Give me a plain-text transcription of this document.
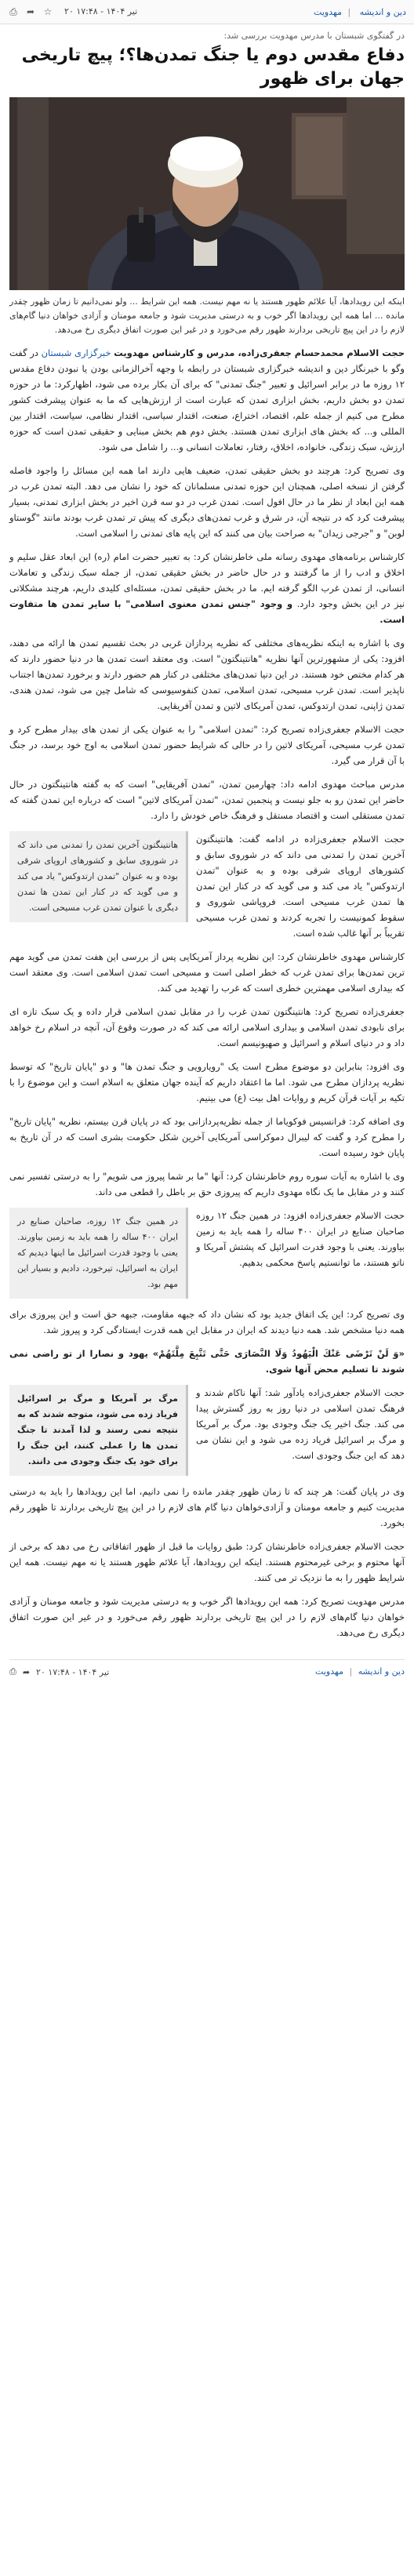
دین و اندیشه | مهدویت
⎙ ➦ ☆ ۲۰ تیر ۱۴۰۴ - ۱۷:۴۸
در گفتگوی شبستان با مدرس مهدویت بررسی شد:
دفاع مقدس دوم یا جنگ تمدن‌ها؟؛ پیچ تاریخی جهان برای ظهور
اینکه این رویدادها، آیا علائم ظهور هستند یا نه مهم نیست. همه این شرایط ... ولو نمی‌دانیم تا زمان ظهور چقدر مانده ... اما همه این رویدادها اگر خوب و به درستی مدیریت شود و جامعه مومنان و آزادی خواهان دنیا گام‌های لازم را در این پیچ تاریخی بردارند ظهور رقم می‌خورد و در غیر این صورت اتفاق دیگری رخ می‌دهد.

حجت الاسلام محمدحسام جعفری‌زاده، مدرس و کارشناس مهدویت خبرگزاری شبستان در گفت وگو با خبرنگار دین و اندیشه خبرگزاری شبستان در رابطه با وجهه آخرالزمانی بودن یا نبودن دفاع مقدس ۱۲ روزه ما در برابر اسرائیل و تعبیر "جنگ تمدنی" که برای آن بکار برده می شود، اظهارکرد: ما در حوزه تمدن دو بخش داریم، بخش ابزاری تمدن که عبارت است از ارزش‌هایی که ما به عنوان پیشرفت کشور مطرح می کنیم از جمله علم، اقتصاد، اختراع، صنعت، اقتدار سیاسی، اقتدار نظامی، سیاست، اقتدار بین المللی و... که بخش های ابزاری تمدن هستند. بخش دوم هم بخش مبنایی و حقیقی تمدن است که حوزه ارزش، سبک زندگی، خانواده، اخلاق، رفتار، تعاملات انسانی و... را شامل می شود.

وی تصریح کرد: هرچند دو بخش حقیقی تمدن، ضعیف هایی دارند اما همه این مسائل را واجود فاصله گرفتن از نسخه اصلی، همچنان این حوزه تمدنی مسلمانان که خود را نشان می دهد. البته تمدن غرب در همه این ابعاد از نظر ما در حال افول است. تمدن غرب در دو سه قرن اخیر در بخش ابزاری تمدنی، بسیار پیشرفت کرد که در نتیجه آن، در شرق و غرب تمدن‌های دیگری که پیش تر تمدن غرب بودند مانند "گوستاو لوبن" و "جرجی زیدان" به صراحت بیان می کنند که این پایه های تمدنی را اسلامی است.

کارشناس برنامه‌های مهدوی رسانه ملی خاطرنشان کرد: به تعبیر حضرت امام (ره) این ابعاد عقل سلیم و اخلاق و ادب را از ما گرفتند و در حال حاضر در بخش حقیقی تمدن، از جمله سبک زندگی و تعاملات انسانی، از تمدن غرب الگو گرفته ایم. ما در بخش حقیقی تمدن، مسئله‌ای کلیدی داریم، هرچند مشکلاتی نیز در این بخش وجود دارد. و وجود "جنس تمدن معنوی اسلامی" با سایر تمدن ها متفاوت است.

وی با اشاره به اینکه نظریه‌های مختلفی که نظریه پردازان غربی در بحث تقسیم تمدن ها ارائه می دهند، افزود: یکی از مشهورترین آنها نظریه "هانتینگتون" است. وی معتقد است تمدن ها در دنیا حضور دارند که هر کدام مختص خود هستند. در این دنیا تمدن‌های مختلفی در کنار هم حضور دارند و برخورد تمدن‌ها اجتناب ناپذیر است. تمدن غرب مسیحی، تمدن اسلامی، تمدن کنفوسیوسی که شامل چین می شود، تمدن هندی، تمدن ژاپنی، تمدن ارتدوکس، تمدن آمریکای لاتین و تمدن آفریقایی.

حجت الاسلام جعفری‌زاده تصریح کرد: "تمدن اسلامی" را به عنوان یکی از تمدن های بیدار مطرح کرد و تمدن غرب مسیحی، آمریکای لاتین را در حالی که شرایط حضور تمدن اسلامی به اوج خود برسد، در جنگ با آن قرار می گیرد.

مدرس مباحث مهدوی ادامه داد: چهارمین تمدن، "تمدن آفریقایی" است که به گفته هانتینگتون در حال حاضر این تمدن رو به جلو نیست و پنجمین تمدن، "تمدن آمریکای لاتین" است که درباره این تمدن گفته که تمدن مستقلی است و اقتصاد مستقل و فرهنگ خاص خودش را دارد.

حجت الاسلام جعفری‌زاده در ادامه گفت: هانتینگتون آخرین تمدن را تمدنی می داند که در شوروی سابق و کشورهای اروپای شرقی بوده و به عنوان "تمدن ارتدوکس" یاد می کند و می گوید که در کنار این تمدن ها تمدن غرب مسیحی است. فروپاشی شوروی و سقوط کمونیست را تجربه کردند و تمدن غرب مسیحی تقریباً بر آنها غالب شده است.
هانتینگتون آخرین تمدن را تمدنی می داند که در شوروی سابق و کشورهای اروپای شرقی بوده و به عنوان "تمدن ارتدوکس" یاد می کند و می گوید که در کنار این تمدن ها تمدن دیگری با عنوان تمدن غرب مسیحی است.

کارشناس مهدوی خاطرنشان کرد: این نظریه پرداز آمریکایی پس از بررسی این هفت تمدن می گوید مهم ترین تمدن‌ها برای تمدن غرب که خطر اصلی است و مسیحی است تمدن اسلامی است. وی معتقد است که بیداری اسلامی مهمترین خطری است که غرب را تهدید می کند.

جعفری‌زاده تصریح کرد: هانتینگتون تمدن غرب را در مقابل تمدن اسلامی قرار داده و یک سبک تازه ای برای نابودی تمدن اسلامی و بیداری اسلامی ارائه می کند که در صورت وقوع آن، آنچه در اسلام رخ خواهد داد و در دنیای اسلام و اسرائیل و صهیونیسم است.

وی افزود: بنابراین دو موضوع مطرح است یک "رویارویی و جنگ تمدن ها" و دو "پایان تاریخ" که توسط نظریه پردازان مطرح می شود. اما ما اعتقاد داریم که آینده جهان متعلق به اسلام است و این موضوع را با تکیه بر آیات قرآن کریم و روایات اهل بیت (ع) می بینیم.

وی اضافه کرد: فرانسیس فوکویاما از جمله نظریه‌پردازانی بود که در پایان قرن بیستم، نظریه "پایان تاریخ" را مطرح کرد و گفت که لیبرال دموکراسی آمریکایی آخرین شکل حکومت بشری است که در آن تاریخ به پایان خود رسیده است.

وی با اشاره به آیات سوره روم خاطرنشان کرد: آنها "ما بر شما پیروز می شویم" را به درستی تفسیر نمی کنند و در مقابل ما یک نگاه مهدوی داریم که پیروزی حق بر باطل را قطعی می داند.

حجت الاسلام جعفری‌زاده افزود: در همین جنگ ۱۲ روزه صاحبان صنایع در ایران ۴۰۰ ساله را همه باید به زمین بیاورند. یعنی با وجود قدرت اسرائیل که پشتش آمریکا و ناتو هستند، ما توانستیم پاسخ محکمی بدهیم.
در همین جنگ ۱۲ روزه، صاحبان صنایع در ایران ۴۰۰ ساله را همه باید به زمین بیاورند. یعنی با وجود قدرت اسرائیل ما اینها دیدیم که ایران به اسرائیل، تیرخورد، دادیم و بسیار این مهم بود.

وی تصریح کرد: این یک اتفاق جدید بود که نشان داد که جبهه مقاومت، جبهه حق است و این پیروزی برای همه دنیا مشخص شد. همه دنیا دیدند که ایران در مقابل این همه قدرت ایستادگی کرد و پیروز شد.

«وَ لَنْ تَرْضَى عَنْكَ الْيَهُودُ وَلَا النَّصَارَى حَتَّى تَتَّبِعَ مِلَّتَهُمْ» یهود و نصارا از تو راضی نمی شوند تا تسلیم محض آنها شوی.

حجت الاسلام جعفری‌زاده یادآور شد: آنها ناکام شدند و فرهنگ تمدن اسلامی در دنیا روز به روز گسترش پیدا می کند. جنگ اخیر یک جنگ وجودی بود. مرگ بر آمریکا و مرگ بر اسرائیل فریاد زده می شود و این نشان می دهد که این جنگ وجودی است.
مرگ بر آمریکا و مرگ بر اسرائیل فریاد زده می شود، متوجه شدند که به نتیجه نمی رسند و لذا آمدند تا جنگ تمدن ها را عملی کنند، این جنگ را برای خود یک جنگ وجودی می دانند.

وی در پایان گفت: هر چند که تا زمان ظهور چقدر مانده را نمی دانیم، اما این رویدادها را باید به درستی مدیریت کنیم و جامعه مومنان و آزادی‌خواهان دنیا گام های لازم را در این پیچ تاریخی بردارند تا ظهور رقم بخورد.

حجت الاسلام جعفری‌زاده خاطرنشان کرد: طبق روایات ما قبل از ظهور اتفاقاتی رخ می دهد که برخی از آنها محتوم و برخی غیرمحتوم هستند. اینکه این رویدادها، آیا علائم ظهور هستند یا نه مهم نیست. همه این شرایط ظهور را به ما نزدیک تر می کنند.

مدرس مهدویت تصریح کرد: همه این رویدادها اگر خوب و به درستی مدیریت شود و جامعه مومنان و آزادی خواهان دنیا گام‌های لازم را در این پیچ تاریخی بردارند ظهور رقم می‌خورد و در غیر این صورت اتفاق دیگری رخ می‌دهد.

دین و اندیشه | مهدویت
⎙ ➦ ۲۰ تیر ۱۴۰۴ - ۱۷:۴۸
